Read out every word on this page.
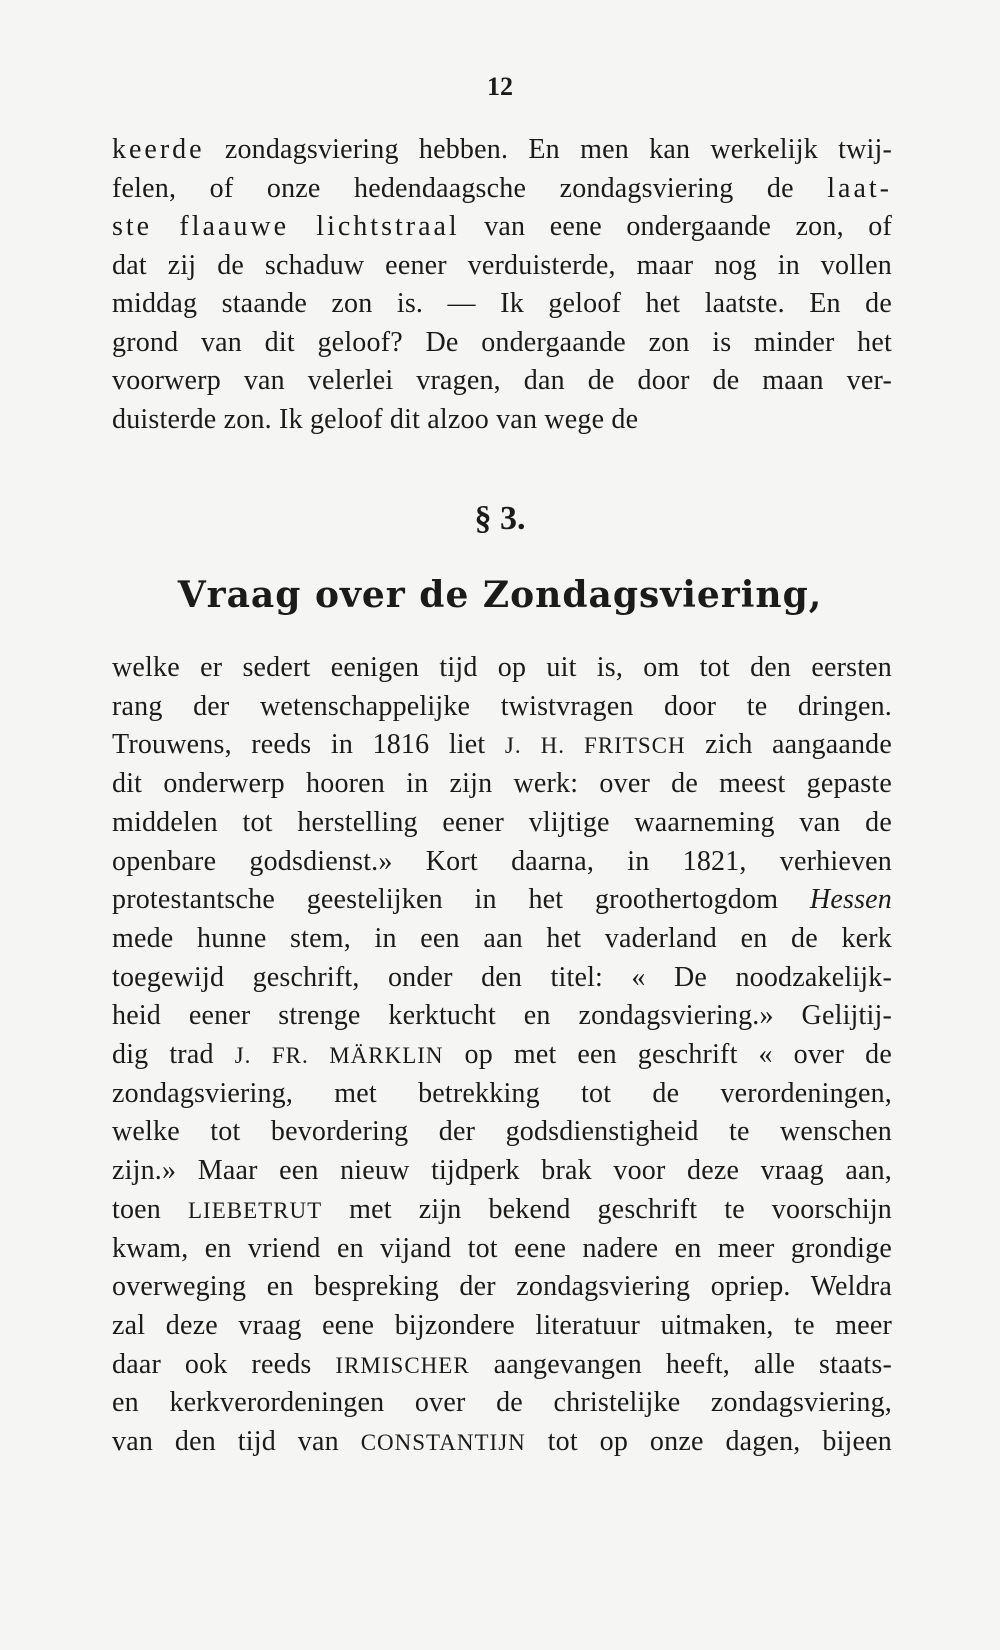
12
keerde zondagsviering hebben. En men kan werkelijk twij-
felen, of onze hedendaagsche zondagsviering de laat-
ste flaauwe lichtstraal van eene ondergaande zon, of
dat zij de schaduw eener verduisterde, maar nog in vollen
middag staande zon is. — Ik geloof het laatste. En de
grond van dit geloof? De ondergaande zon is minder het
voorwerp van velerlei vragen, dan de door de maan ver-
duisterde zon. Ik geloof dit alzoo van wege de
§ 3.
Vraag over de Zondagsviering,
welke er sedert eenigen tijd op uit is, om tot den eersten
rang der wetenschappelijke twistvragen door te dringen.
Trouwens, reeds in 1816 liet J. H. FRITSCH zich aangaande
dit onderwerp hooren in zijn werk: over de meest gepaste
middelen tot herstelling eener vlijtige waarneming van de
openbare godsdienst.» Kort daarna, in 1821, verhieven
protestantsche geestelijken in het groothertogdom Hessen
mede hunne stem, in een aan het vaderland en de kerk
toegewijd geschrift, onder den titel: « De noodzakelijk-
heid eener strenge kerktucht en zondagsviering.» Gelijtij-
dig trad J. FR. MÄRKLIN op met een geschrift « over de
zondagsviering, met betrekking tot de verordeningen,
welke tot bevordering der godsdienstigheid te wenschen
zijn.» Maar een nieuw tijdperk brak voor deze vraag aan,
toen LIEBETRUT met zijn bekend geschrift te voorschijn
kwam, en vriend en vijand tot eene nadere en meer grondige
overweging en bespreking der zondagsviering opriep. Weldra
zal deze vraag eene bijzondere literatuur uitmaken, te meer
daar ook reeds IRMISCHER aangevangen heeft, alle staats-
en kerkverordeningen over de christelijke zondagsviering,
van den tijd van CONSTANTIJN tot op onze dagen, bijeen
